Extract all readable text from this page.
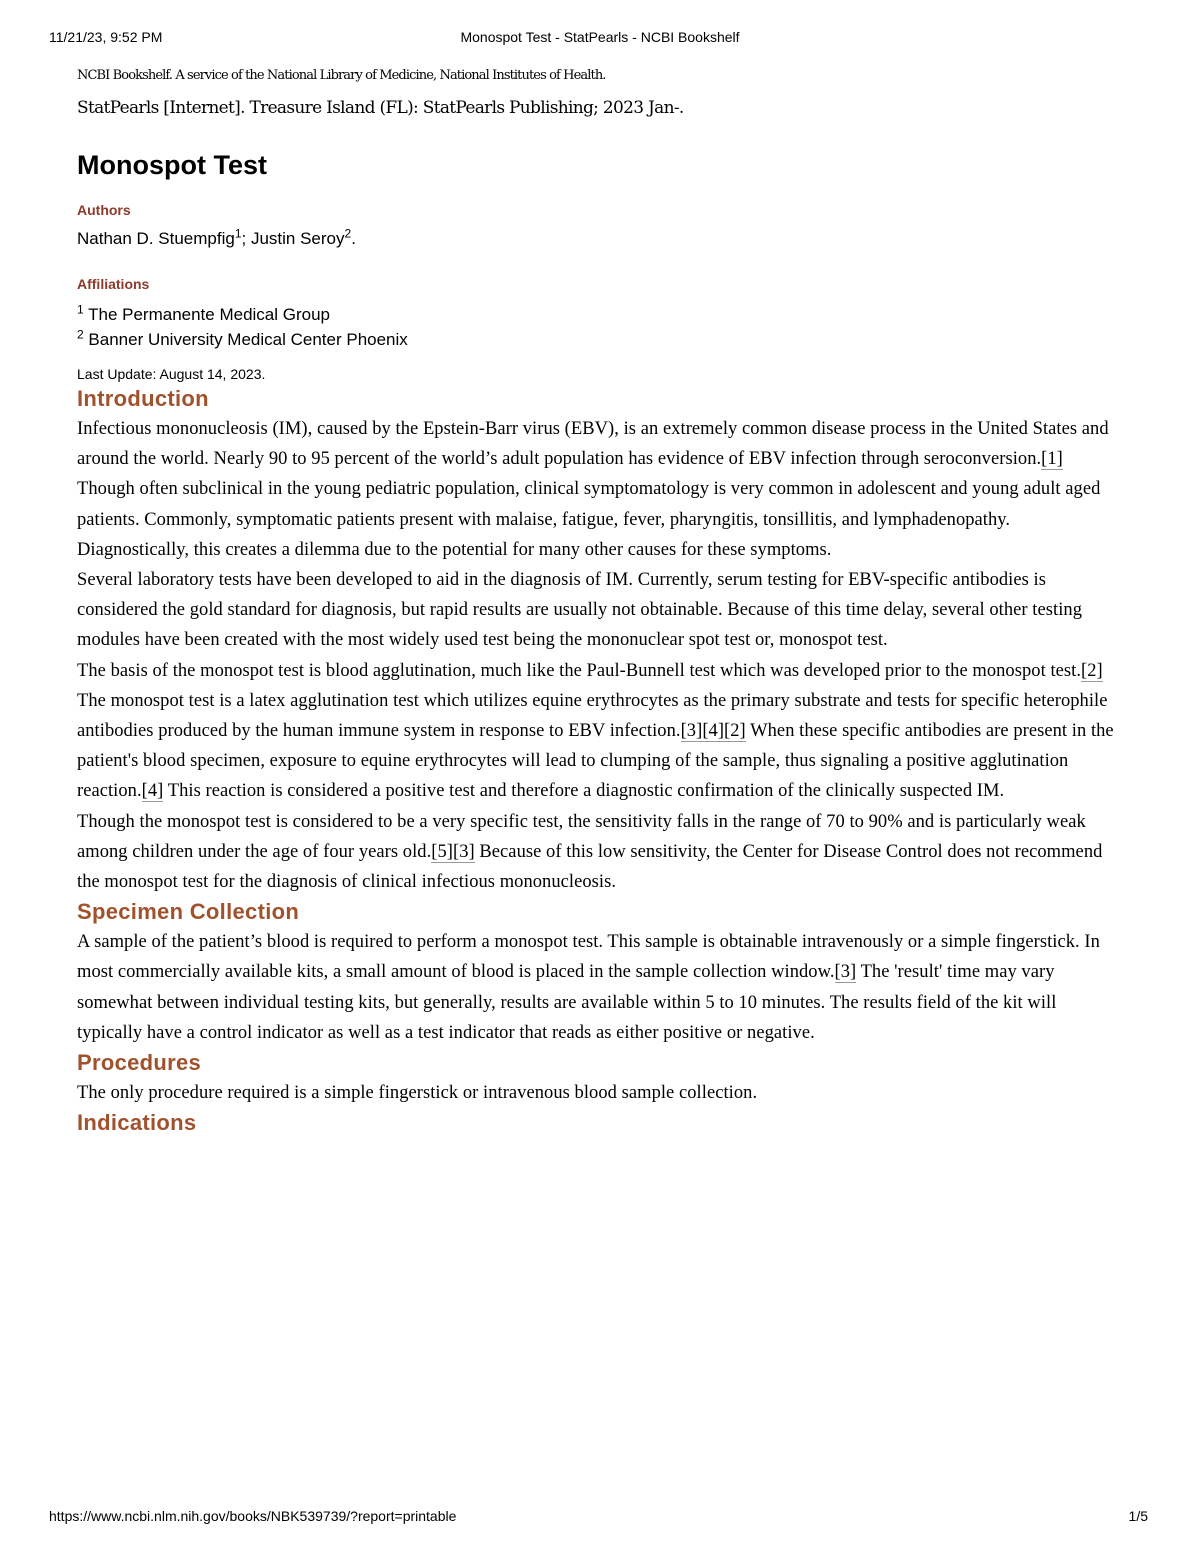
11/21/23, 9:52 PM	Monospot Test - StatPearls - NCBI Bookshelf

NCBI Bookshelf. A service of the National Library of Medicine, National Institutes of Health.

StatPearls [Internet]. Treasure Island (FL): StatPearls Publishing; 2023 Jan-.

Monospot Test

Authors

Nathan D. Stuempfig$^1$; Justin Seroy$^2$.

Affiliations

$^1$ The Permanente Medical Group

$^2$ Banner University Medical Center Phoenix

Last Update: August 14, 2023.

Introduction

Infectious mononucleosis (IM), caused by the Epstein-Barr virus (EBV), is an extremely common disease process in the United States and around the world. Nearly 90 to 95 percent of the world’s adult population has evidence of EBV infection through seroconversion.[1] Though often subclinical in the young pediatric population, clinical symptomatology is very common in adolescent and young adult aged patients. Commonly, symptomatic patients present with malaise, fatigue, fever, pharyngitis, tonsillitis, and lymphadenopathy. Diagnostically, this creates a dilemma due to the potential for many other causes for these symptoms.

Several laboratory tests have been developed to aid in the diagnosis of IM. Currently, serum testing for EBV-specific antibodies is considered the gold standard for diagnosis, but rapid results are usually not obtainable. Because of this time delay, several other testing modules have been created with the most widely used test being the mononuclear spot test or, monospot test.

The basis of the monospot test is blood agglutination, much like the Paul-Bunnell test which was developed prior to the monospot test.[2] The monospot test is a latex agglutination test which utilizes equine erythrocytes as the primary substrate and tests for specific heterophile antibodies produced by the human immune system in response to EBV infection.[3][4][2] When these specific antibodies are present in the patient's blood specimen, exposure to equine erythrocytes will lead to clumping of the sample, thus signaling a positive agglutination reaction.[4] This reaction is considered a positive test and therefore a diagnostic confirmation of the clinically suspected IM.

Though the monospot test is considered to be a very specific test, the sensitivity falls in the range of 70 to 90% and is particularly weak among children under the age of four years old.[5][3] Because of this low sensitivity, the Center for Disease Control does not recommend the monospot test for the diagnosis of clinical infectious mononucleosis.

Specimen Collection

A sample of the patient’s blood is required to perform a monospot test. This sample is obtainable intravenously or a simple fingerstick. In most commercially available kits, a small amount of blood is placed in the sample collection window.[3] The 'result' time may vary somewhat between individual testing kits, but generally, results are available within 5 to 10 minutes. The results field of the kit will typically have a control indicator as well as a test indicator that reads as either positive or negative.

Procedures

The only procedure required is a simple fingerstick or intravenous blood sample collection.

Indications
https://www.ncbi.nlm.nih.gov/books/NBK539739/?report=printable	1/5
